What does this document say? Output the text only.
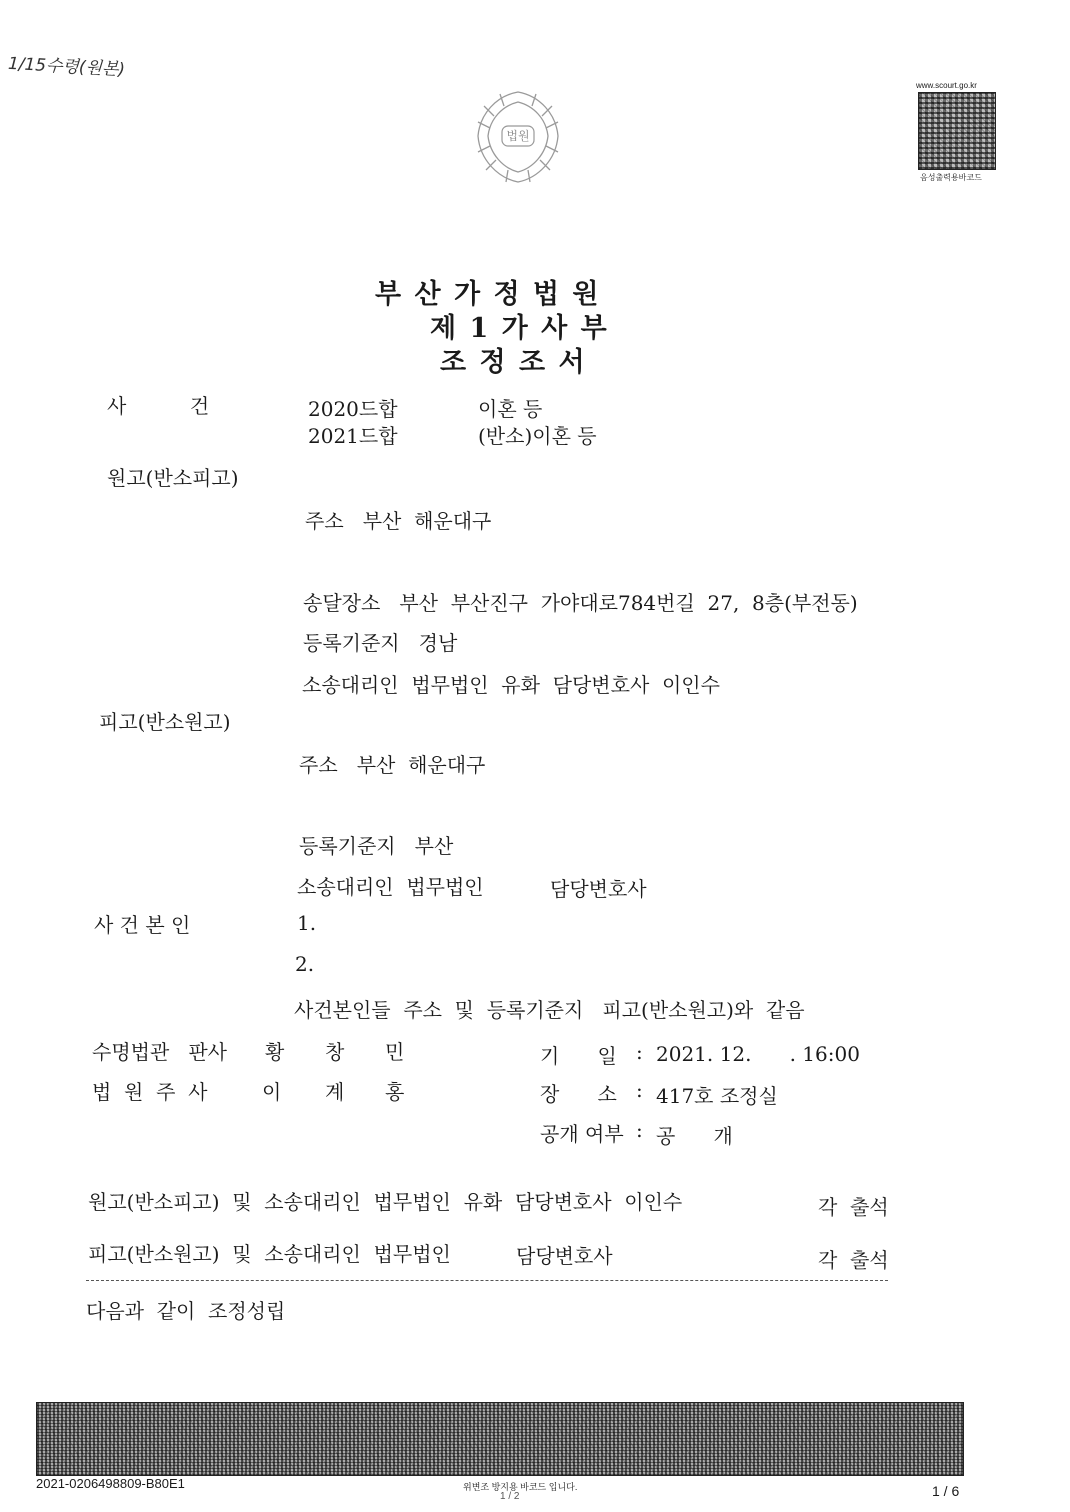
1/15수령(원본)
법원
www.scourt.go.kr
음성출력용바코드
부 산 가 정 법 원
제 1 가 사 부
조 정 조 서
사          건	2020드합	이혼 등
2021드합	(반소)이혼 등
원고(반소피고)
주소   부산  해운대구
송달장소   부산  부산진구  가야대로784번길  27,  8층(부전동)
등록기준지   경남
소송대리인  법무법인  유화  담당변호사  이인수
피고(반소원고)
주소   부산  해운대구
등록기준지   부산
소송대리인  법무법인	담당변호사
사 건 본 인	1.
2.
사건본인들  주소  및  등록기준지   피고(반소원고)와  같음
수명법관   판사 황 창 민
법  원  주  사	이 계 홍
기      일 : 2021. 12.      . 16:00
장      소 : 417호 조정실
공개 여부 : 공      개
원고(반소피고)  및  소송대리인  법무법인  유화  담당변호사  이인수	각  출석
피고(반소원고)  및  소송대리인  법무법인	담당변호사	각  출석
다음과  같이  조정성립
2021-0206498809-B80E1	위변조 방지용 바코드 입니다.
1 / 2	1 / 6
